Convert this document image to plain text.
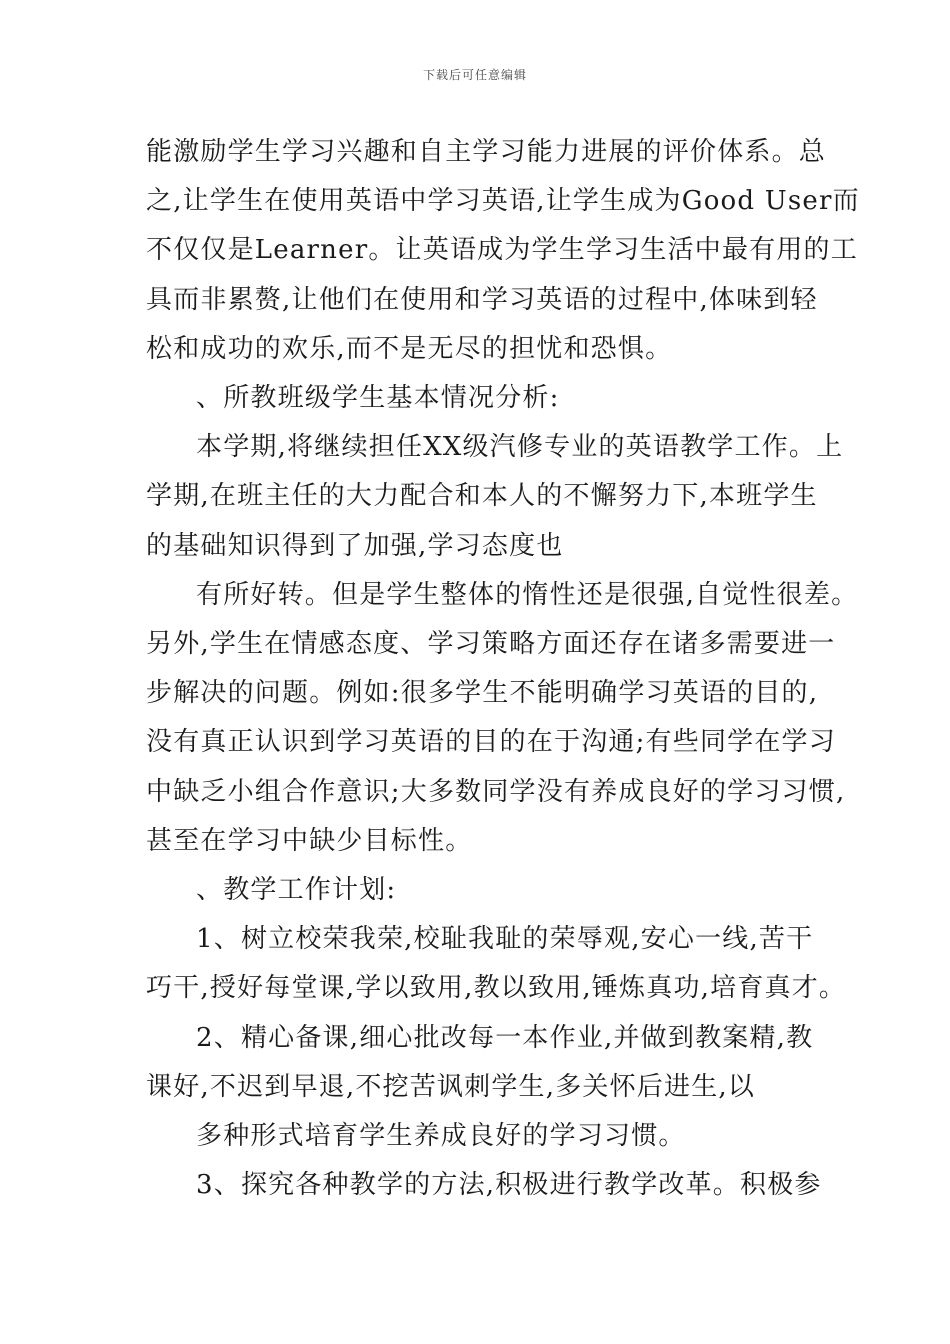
下载后可任意编辑
能激励学生学习兴趣和自主学习能力进展的评价体系。总
之,让学生在使用英语中学习英语,让学生成为Good User而
不仅仅是Learner。让英语成为学生学习生活中最有用的工
具而非累赘,让他们在使用和学习英语的过程中,体味到轻
松和成功的欢乐,而不是无尽的担忧和恐惧。
、所教班级学生基本情况分析:
本学期,将继续担任XX级汽修专业的英语教学工作。上
学期,在班主任的大力配合和本人的不懈努力下,本班学生
的基础知识得到了加强,学习态度也
有所好转。但是学生整体的惰性还是很强,自觉性很差。
另外,学生在情感态度、学习策略方面还存在诸多需要进一
步解决的问题。例如:很多学生不能明确学习英语的目的,
没有真正认识到学习英语的目的在于沟通;有些同学在学习
中缺乏小组合作意识;大多数同学没有养成良好的学习习惯,
甚至在学习中缺少目标性。
、教学工作计划:
1、树立校荣我荣,校耻我耻的荣辱观,安心一线,苦干
巧干,授好每堂课,学以致用,教以致用,锤炼真功,培育真才。
2、精心备课,细心批改每一本作业,并做到教案精,教
课好,不迟到早退,不挖苦讽刺学生,多关怀后进生,以
多种形式培育学生养成良好的学习习惯。
3、探究各种教学的方法,积极进行教学改革。积极参
